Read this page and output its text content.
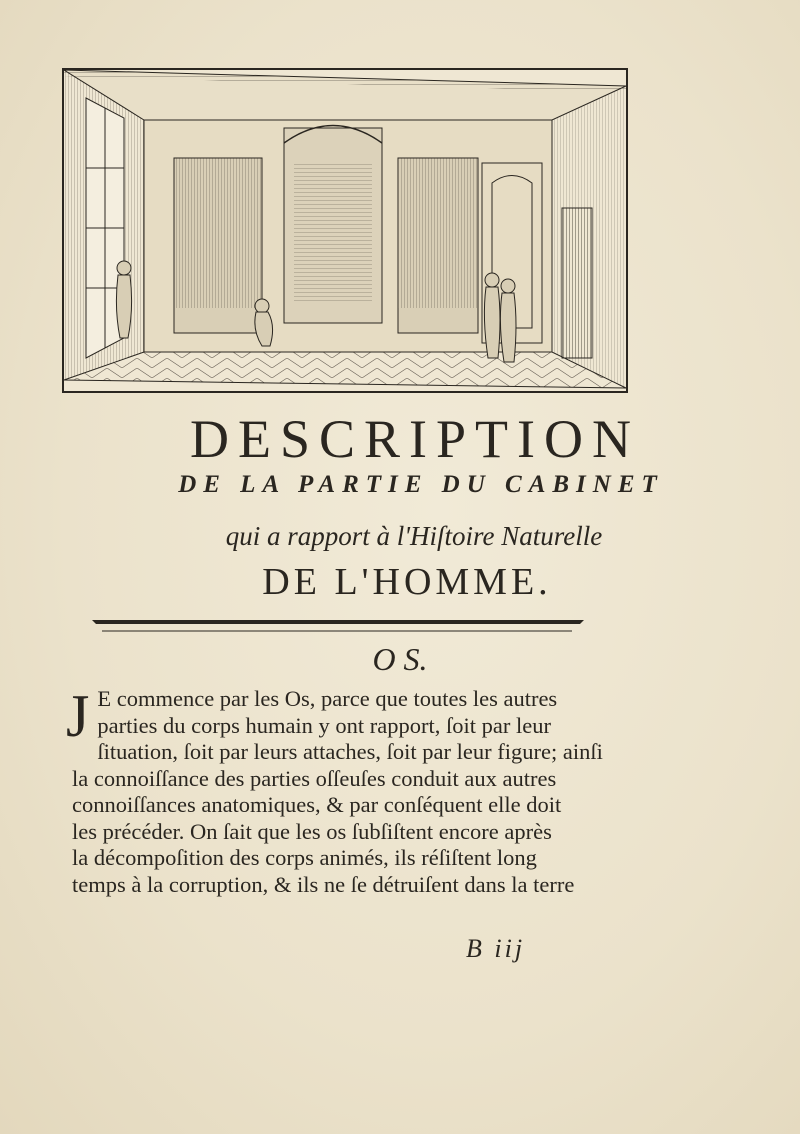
DESCRIPTION
DE LA PARTIE DU CABINET
qui a rapport à l'Hiſtoire Naturelle
DE L'HOMME.
O S.
J E commence par les Os, parce que toutes les autres
parties du corps humain y ont rapport, ſoit par leur
ſituation, ſoit par leurs attaches, ſoit par leur figure; ainſi
la connoiſſance des parties oſſeuſes conduit aux autres
connoiſſances anatomiques, & par conſéquent elle doit
les précéder. On ſait que les os ſubſiſtent encore après
la décompoſition des corps animés, ils réſiſtent long
temps à la corruption, & ils ne ſe détruiſent dans la terre
B iij
